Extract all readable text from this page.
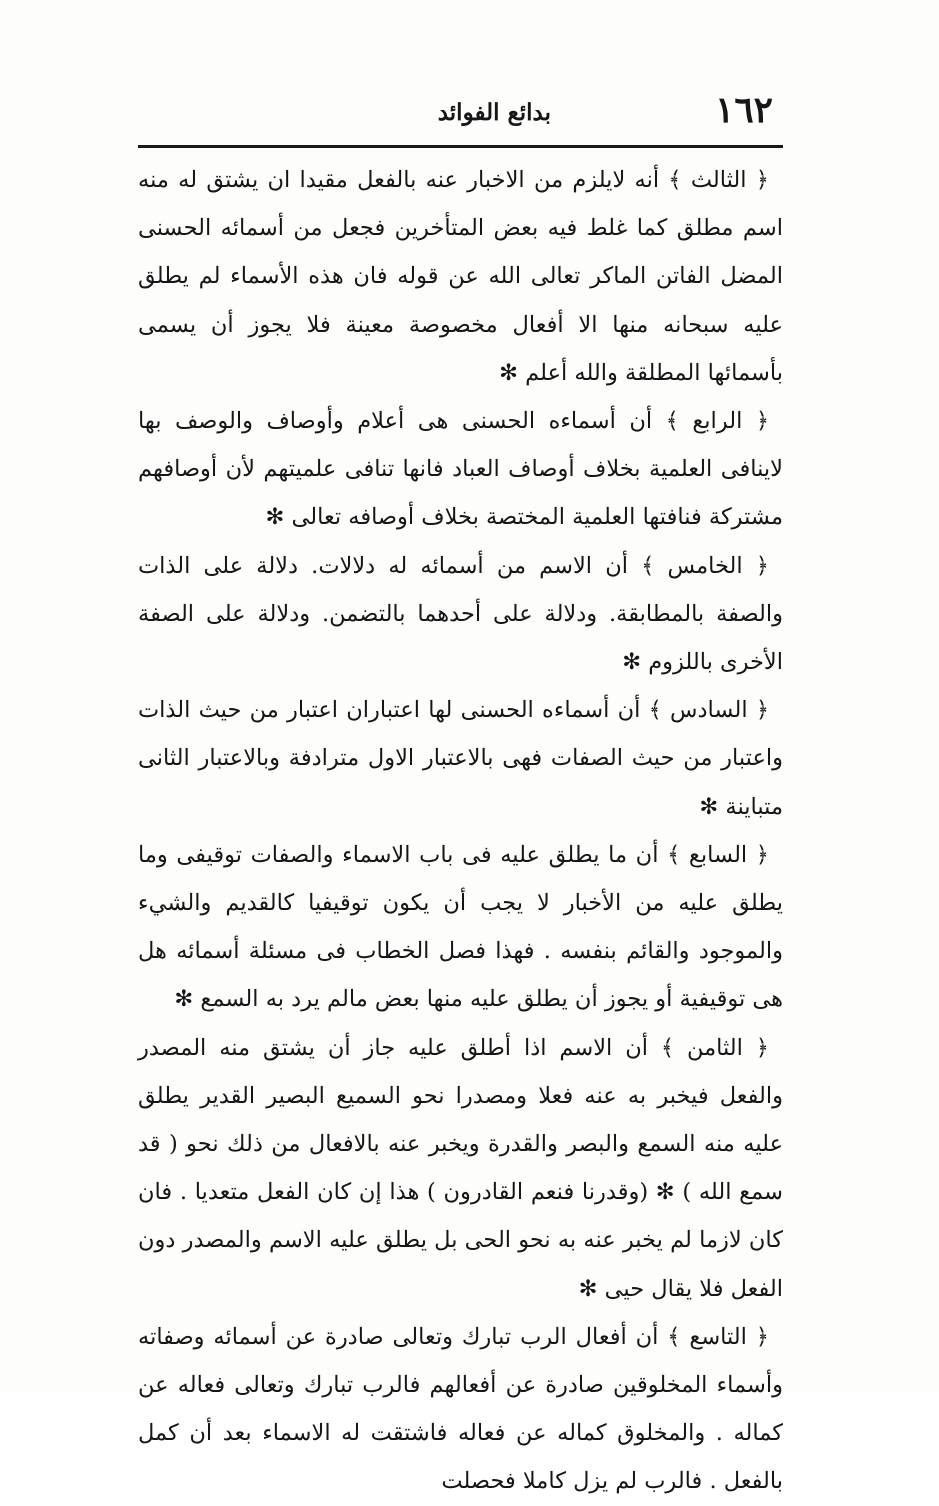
١٦٢
بدائع الفوائد

﴿ الثالث ﴾ أنه لايلزم من الاخبار عنه بالفعل مقيدا ان يشتق له منه اسم مطلق كما غلط فيه بعض المتأخرين فجعل من أسمائه الحسنى المضل الفاتن الماكر تعالى الله عن قوله فان هذه الأسماء لم يطلق عليه سبحانه منها الا أفعال مخصوصة معينة فلا يجوز أن يسمى بأسمائها المطلقة والله أعلم ✻

﴿ الرابع ﴾ أن أسماءه الحسنى هى أعلام وأوصاف والوصف بها لاينافى العلمية بخلاف أوصاف العباد فانها تنافى علميتهم لأن أوصافهم مشتركة فنافتها العلمية المختصة بخلاف أوصافه تعالى ✻

﴿ الخامس ﴾ أن الاسم من أسمائه له دلالات. دلالة على الذات والصفة بالمطابقة. ودلالة على أحدهما بالتضمن. ودلالة على الصفة الأخرى باللزوم ✻

﴿ السادس ﴾ أن أسماءه الحسنى لها اعتباران اعتبار من حيث الذات واعتبار من حيث الصفات فهى بالاعتبار الاول مترادفة وبالاعتبار الثانى متباينة ✻

﴿ السابع ﴾ أن ما يطلق عليه فى باب الاسماء والصفات توقيفى وما يطلق عليه من الأخبار لا يجب أن يكون توقيفيا كالقديم والشيء والموجود والقائم بنفسه . فهذا فصل الخطاب فى مسئلة أسمائه هل هى توقيفية أو يجوز أن يطلق عليه منها بعض مالم يرد به السمع ✻

﴿ الثامن ﴾ أن الاسم اذا أطلق عليه جاز أن يشتق منه المصدر والفعل فيخبر به عنه فعلا ومصدرا نحو السميع البصير القدير يطلق عليه منه السمع والبصر والقدرة ويخبر عنه بالافعال من ذلك نحو ( قد سمع الله ) ✻ (وقدرنا فنعم القادرون ) هذا إن كان الفعل متعديا . فان كان لازما لم يخبر عنه به نحو الحى بل يطلق عليه الاسم والمصدر دون الفعل فلا يقال حيى ✻

﴿ التاسع ﴾ أن أفعال الرب تبارك وتعالى صادرة عن أسمائه وصفاته وأسماء المخلوقين صادرة عن أفعالهم فالرب تبارك وتعالى فعاله عن كماله . والمخلوق كماله عن فعاله فاشتقت له الاسماء بعد أن كمل بالفعل . فالرب لم يزل كاملا فحصلت
